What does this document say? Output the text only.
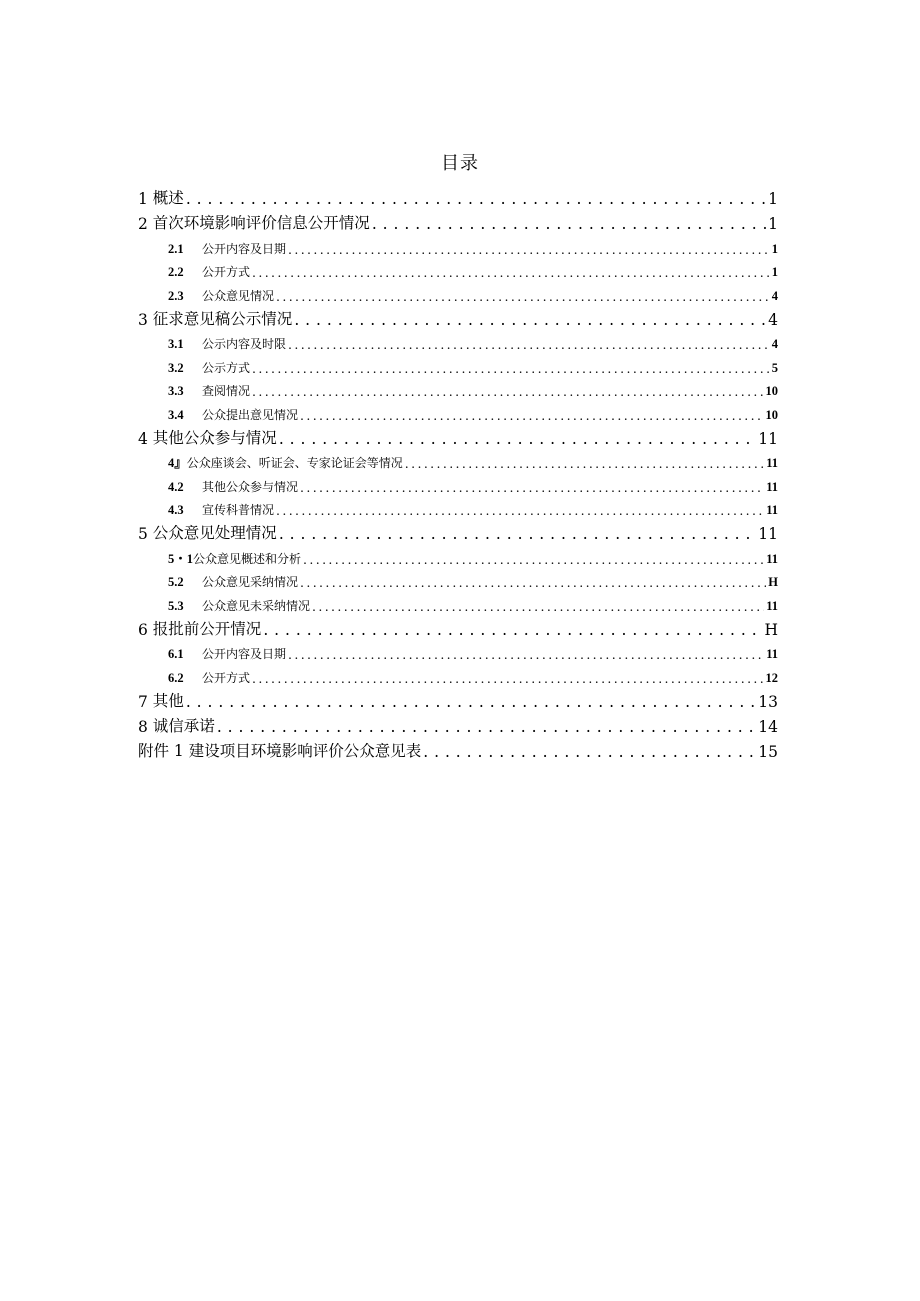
目录
1 概述 . . .	1
2 首次环境影响评价信息公开情况 . . .	1
2.1	公开内容及日期 . . .	1
2.2	公开方式 . . .	1
2.3	公众意见情况 . . .	4
3 征求意见稿公示情况 . . .	4
3.1	公示内容及时限 . . .	4
3.2	公示方式 . . .	5
3.3	查阅情况 . . .	10
3.4	公众提出意见情况 . . .	10
4 其他公众参与情况 . . .	11
4』 公众座谈会、听证会、专家论证会等情况 . . .	11
4.2	其他公众参与情况 . . .	11
4.3	宣传科普情况 . . .	11
5 公众意见处理情况 . . .	11
5・1 公众意见概述和分析 . . .	11
5.2	公众意见采纳情况 . . .	H
5.3	公众意见未采纳情况 . . .	11
6 报批前公开情况 . . .	H
6.1	公开内容及日期 . . .	11
6.2	公开方式 . . .	12
7 其他 . . .	13
8 诚信承诺 . . .	14
附件 1 建设项目环境影响评价公众意见表 . . .	15
